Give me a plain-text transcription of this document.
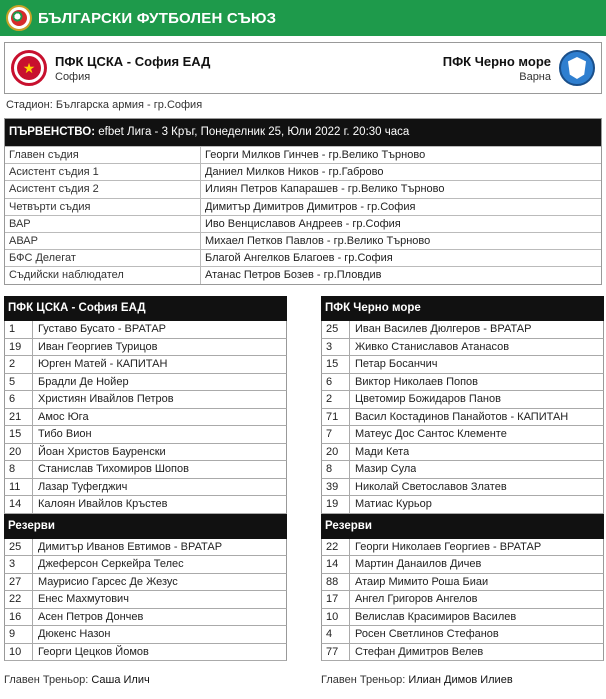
БЪЛГАРСКИ ФУТБОЛЕН СЪЮЗ
★	ПФК ЦСКА - София ЕАД
София
ПФК Черно море
Варна
Стадион: Българска армия - гр.София
ПЪРВЕНСТВО: efbet Лига - 3 Кръг, Понеделник 25, Юли 2022 г. 20:30 часа
Главен съдия	Георги Милков Гинчев - гр.Велико Търново
Асистент съдия 1	Даниел Милков Ников - гр.Габрово
Асистент съдия 2	Илиян Петров Капарашев - гр.Велико Търново
Четвърти съдия	Димитър Димитров Димитров - гр.София
ВАР	Иво Венциславов Андреев - гр.София
АВАР	Михаел Петков Павлов - гр.Велико Търново
БФС Делегат	Благой Ангелков Благоев - гр.София
Съдийски наблюдател	Атанас Петров Бозев - гр.Пловдив
ПФК ЦСКА - София ЕАД
1	Густаво Бусато - ВРАТАР
19	Иван Георгиев Турицов
2	Юрген Матей - КАПИТАН
5	Брадли Де Нойер
6	Християн Ивайлов Петров
21	Амос Юга
15	Тибо Вион
20	Йоан Христов Бауренски
8	Станислав Тихомиров Шопов
11	Лазар Туфегджич
14	Калоян Ивайлов Кръстев
Резерви
25	Димитър Иванов Евтимов - ВРАТАР
3	Джеферсон Серкейра Телес
27	Маурисио Гарсес Де Жезус
22	Енес Махмутович
16	Асен Петров Дончев
9	Дюкенс Назон
10	Георги Цецков Йомов
ПФК Черно море
25	Иван Василев Дюлгеров - ВРАТАР
3	Живко Станиславов Атанасов
15	Петар Босанчич
6	Виктор Николаев Попов
2	Цветомир Божидаров Панов
71	Васил Костадинов Панайотов - КАПИТАН
7	Матеус Дос Сантос Клементе
20	Мади Кета
8	Мазир Сула
39	Николай Светославов Златев
19	Матиас Курьор
Резерви
22	Георги Николаев Георгиев - ВРАТАР
14	Мартин Данаилов Дичев
88	Атаир Мимито Роша Биаи
17	Ангел Григоров Ангелов
10	Велислав Красимиров Василев
4	Росен Светлинов Стефанов
77	Стефан Димитров Велев
Главен Треньор: Саша Илич	Главен Треньор: Илиан Димов Илиев
